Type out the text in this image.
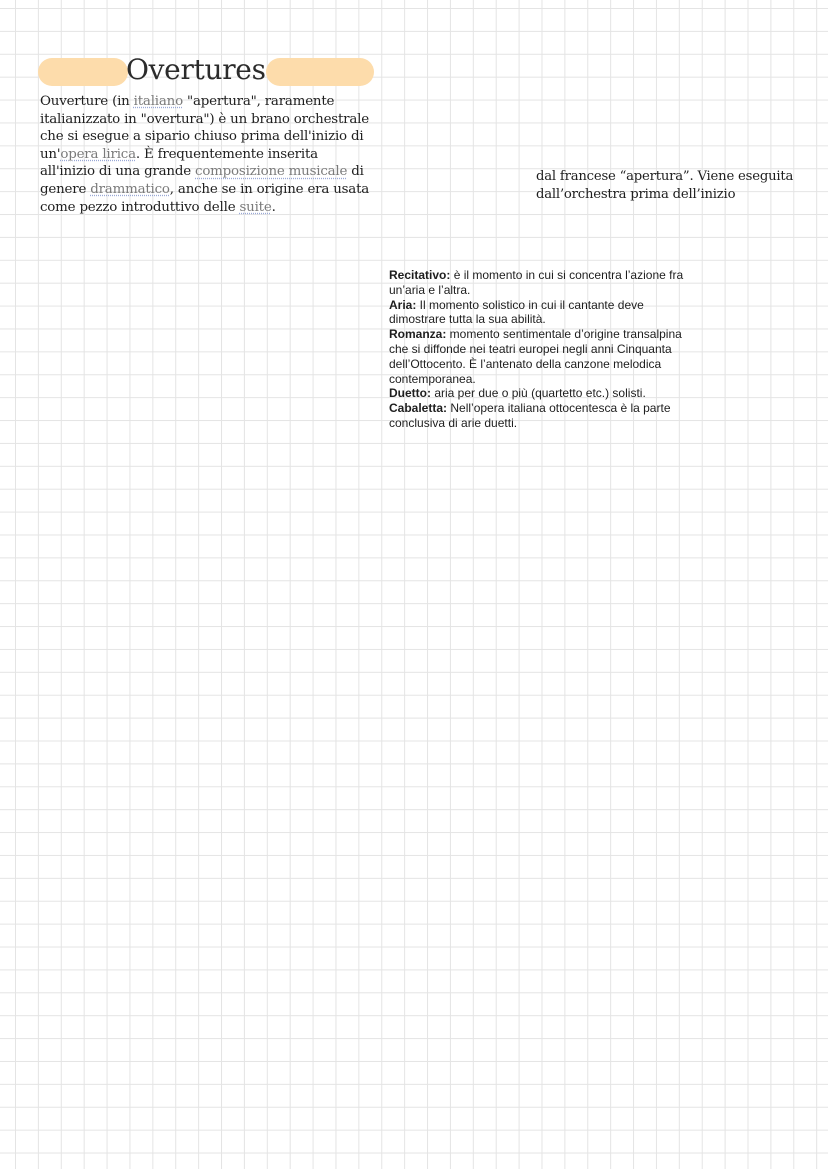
Overtures
Ouverture (in italiano "apertura", raramente italianizzato in "overtura") è un brano orchestrale che si esegue a sipario chiuso prima dell'inizio di un'opera lirica. È frequentemente inserita all'inizio di una grande composizione musicale di genere drammatico, anche se in origine era usata come pezzo introduttivo delle suite.
dal francese “apertura”. Viene eseguita
dall’orchestra prima dell’inizio

Recitativo: è il momento in cui si concentra l’azione fra un’aria e l’altra.

Aria: Il momento solistico in cui il cantante deve dimostrare tutta la sua abilità.

Romanza: momento sentimentale d’origine transalpina che si diffonde nei teatri europei negli anni Cinquanta dell’Ottocento. È l’antenato della canzone melodica contemporanea.

Duetto: aria per due o più (quartetto etc.) solisti.

Cabaletta: Nell’opera italiana ottocentesca è la parte conclusiva di arie duetti.
